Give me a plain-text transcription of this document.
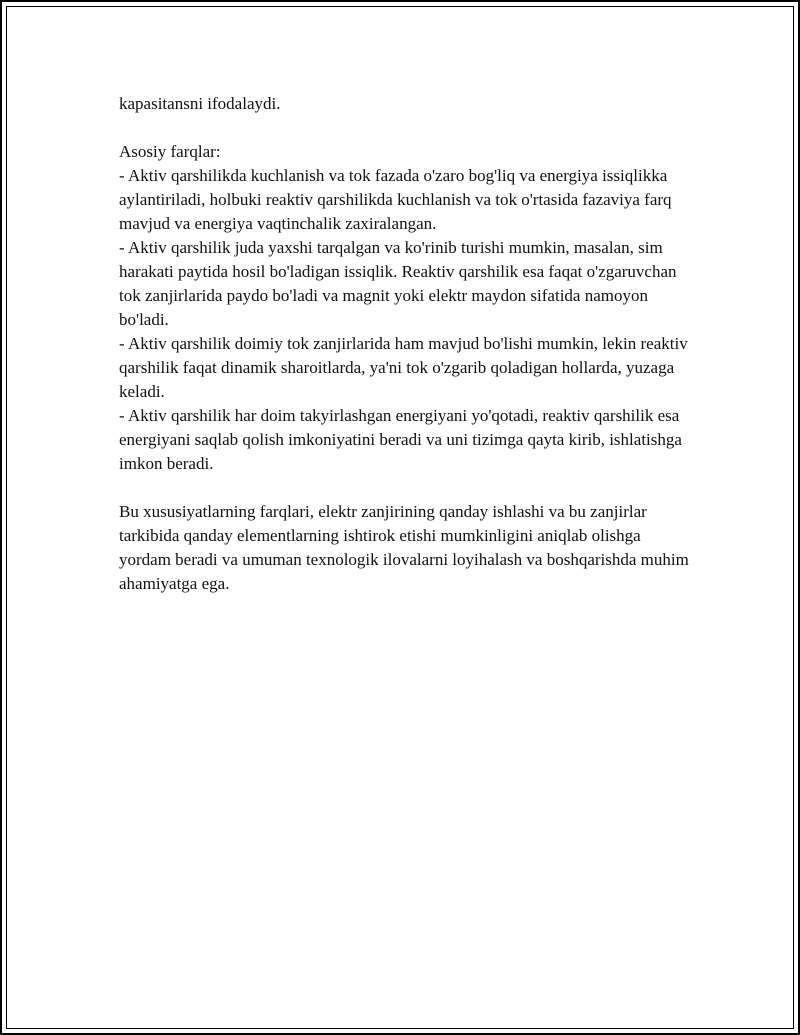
kapasitansni ifodalaydi.

Asosiy farqlar:

- Aktiv qarshilikda kuchlanish va tok fazada o'zaro bog'liq va energiya issiqlikka aylantiriladi, holbuki reaktiv qarshilikda kuchlanish va tok o'rtasida fazaviya farq mavjud va energiya vaqtinchalik zaxiralangan.

- Aktiv qarshilik juda yaxshi tarqalgan va ko'rinib turishi mumkin, masalan, sim harakati paytida hosil bo'ladigan issiqlik. Reaktiv qarshilik esa faqat o'zgaruvchan tok zanjirlarida paydo bo'ladi va magnit yoki elektr maydon sifatida namoyon bo'ladi.

- Aktiv qarshilik doimiy tok zanjirlarida ham mavjud bo'lishi mumkin, lekin reaktiv qarshilik faqat dinamik sharoitlarda, ya'ni tok o'zgarib qoladigan hollarda, yuzaga keladi.

- Aktiv qarshilik har doim takyirlashgan energiyani yo'qotadi, reaktiv qarshilik esa energiyani saqlab qolish imkoniyatini beradi va uni tizimga qayta kirib, ishlatishga imkon beradi.

Bu xususiyatlarning farqlari, elektr zanjirining qanday ishlashi va bu zanjirlar tarkibida qanday elementlarning ishtirok etishi mumkinligini aniqlab olishga yordam beradi va umuman texnologik ilovalarni loyihalash va boshqarishda muhim ahamiyatga ega.
